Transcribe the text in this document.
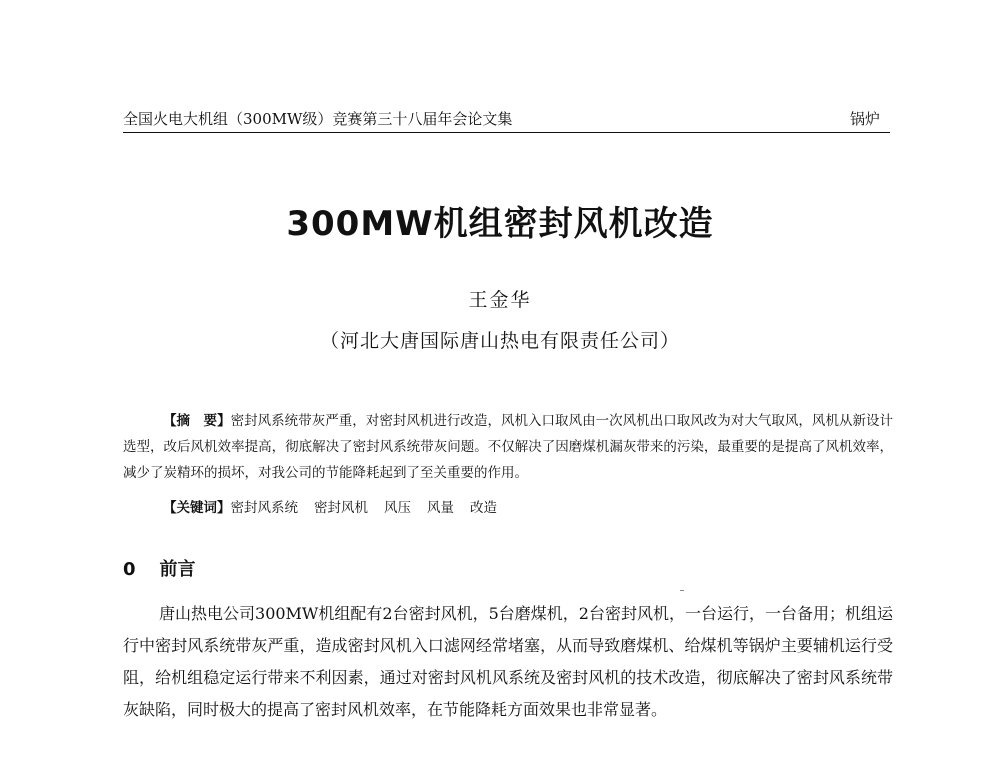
全国火电大机组（300MW级）竞赛第三十八届年会论文集	锅炉
300MW机组密封风机改造
王金华
（河北大唐国际唐山热电有限责任公司）
【摘　要】密封风系统带灰严重，对密封风机进行改造，风机入口取风由一次风机出口取风改为对大气取风，风机从新设计选型，改后风机效率提高，彻底解决了密封风系统带灰问题。不仅解决了因磨煤机漏灰带来的污染，最重要的是提高了风机效率，减少了炭精环的损坏，对我公司的节能降耗起到了至关重要的作用。
【关键词】密封风系统 密封风机 风压 风量 改造
0 前言
唐山热电公司300MW机组配有2台密封风机，5台磨煤机，2台密封风机，一台运行，一台备用；机组运行中密封风系统带灰严重，造成密封风机入口滤网经常堵塞，从而导致磨煤机、给煤机等锅炉主要辅机运行受阻，给机组稳定运行带来不利因素，通过对密封风机风系统及密封风机的技术改造，彻底解决了密封风系统带灰缺陷，同时极大的提高了密封风机效率，在节能降耗方面效果也非常显著。
